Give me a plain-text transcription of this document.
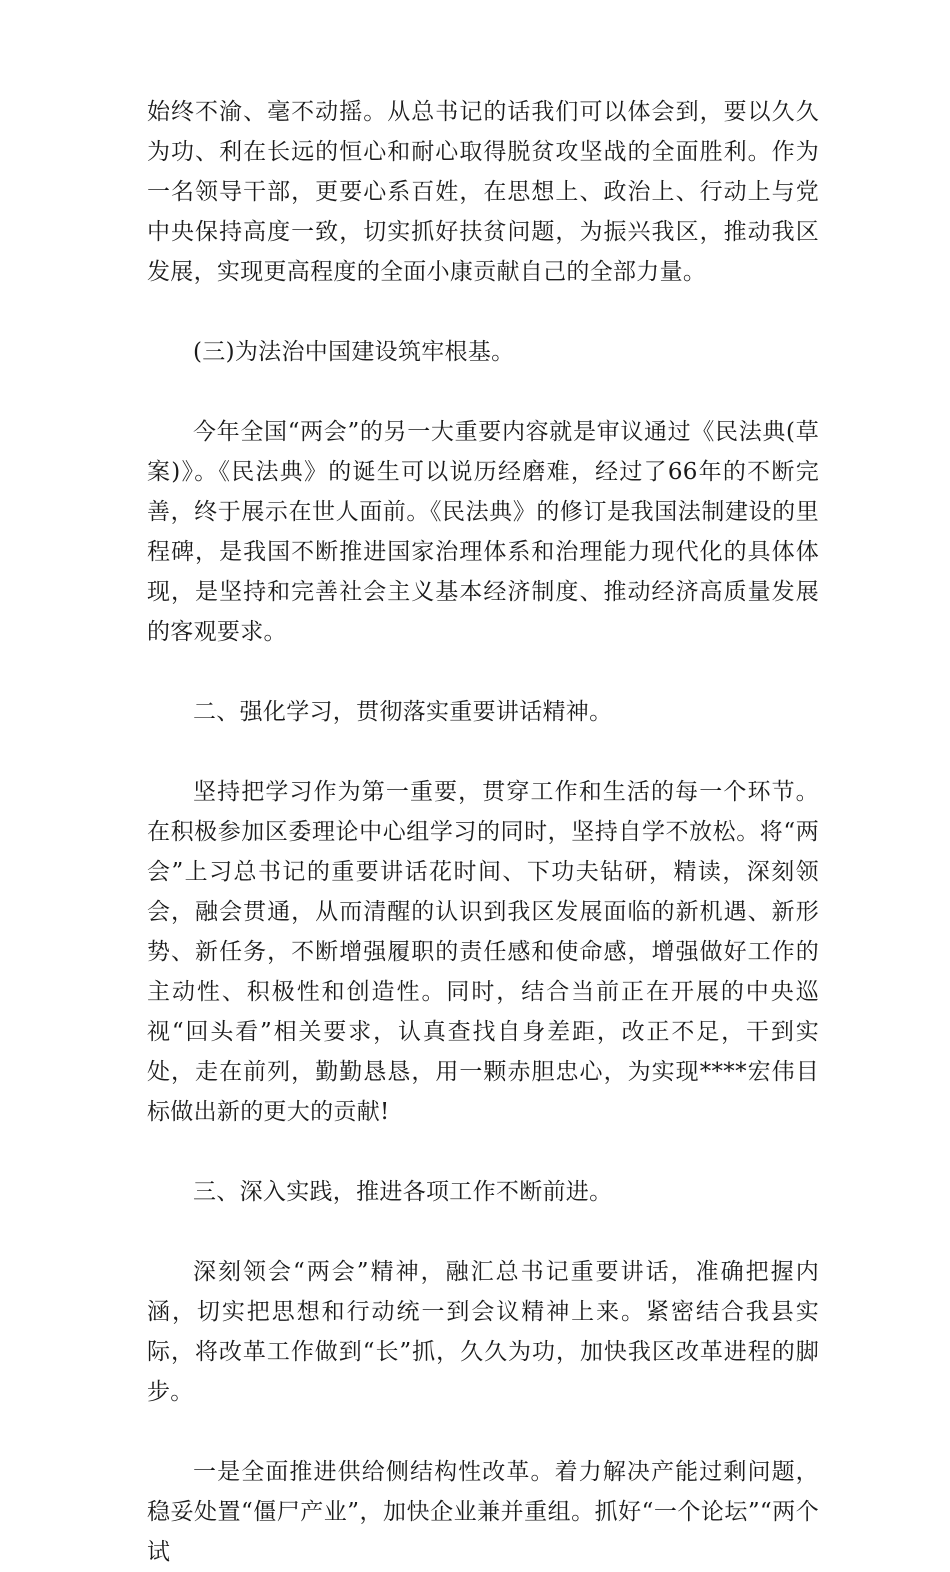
始终不渝、毫不动摇。从总书记的话我们可以体会到，要以久久为功、利在长远的恒心和耐心取得脱贫攻坚战的全面胜利。作为一名领导干部，更要心系百姓，在思想上、政治上、行动上与党中央保持高度一致，切实抓好扶贫问题，为振兴我区，推动我区发展，实现更高程度的全面小康贡献自己的全部力量。

(三)为法治中国建设筑牢根基。

今年全国“两会”的另一大重要内容就是审议通过《民法典(草案)》。《民法典》的诞生可以说历经磨难，经过了66年的不断完善，终于展示在世人面前。《民法典》的修订是我国法制建设的里程碑，是我国不断推进国家治理体系和治理能力现代化的具体体现，是坚持和完善社会主义基本经济制度、推动经济高质量发展的客观要求。

二、强化学习，贯彻落实重要讲话精神。

坚持把学习作为第一重要，贯穿工作和生活的每一个环节。在积极参加区委理论中心组学习的同时，坚持自学不放松。将“两会”上习总书记的重要讲话花时间、下功夫钻研，精读，深刻领会，融会贯通，从而清醒的认识到我区发展面临的新机遇、新形势、新任务，不断增强履职的责任感和使命感，增强做好工作的主动性、积极性和创造性。同时，结合当前正在开展的中央巡视“回头看”相关要求，认真查找自身差距，改正不足，干到实处，走在前列，勤勤恳恳，用一颗赤胆忠心，为实现****宏伟目标做出新的更大的贡献!

三、深入实践，推进各项工作不断前进。

深刻领会“两会”精神，融汇总书记重要讲话，准确把握内涵，切实把思想和行动统一到会议精神上来。紧密结合我县实际，将改革工作做到“长”抓，久久为功，加快我区改革进程的脚步。

一是全面推进供给侧结构性改革。着力解决产能过剩问题，稳妥处置“僵尸产业”，加快企业兼并重组。抓好“一个论坛”“两个试
